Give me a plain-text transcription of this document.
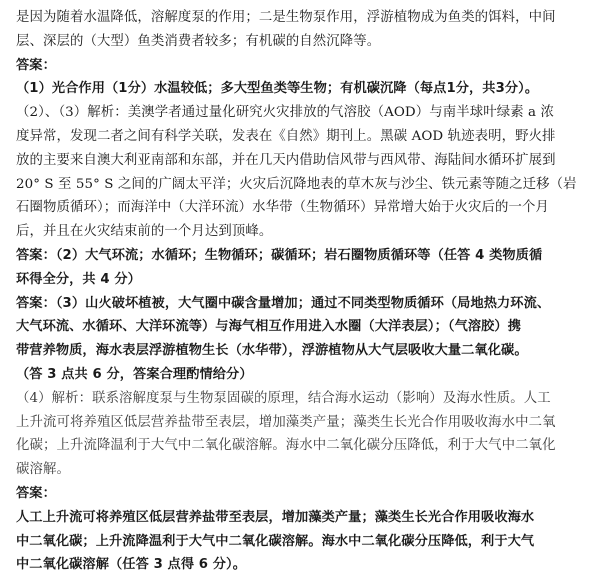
是因为随着水温降低，溶解度泵的作用；二是生物泵作用，浮游植物成为鱼类的饵料，中间
层、深层的（大型）鱼类消费者较多；有机碳的自然沉降等。
答案：
（1）光合作用（1分）水温较低；多大型鱼类等生物；有机碳沉降（每点1分，共3分）。
（2）、（3）解析：美澳学者通过量化研究火灾排放的气溶胶（AOD）与南半球叶绿素 a 浓
度异常，发现二者之间有科学关联，发表在《自然》期刊上。黑碳 AOD 轨迹表明，野火排
放的主要来自澳大利亚南部和东部，并在几天内借助信风带与西风带、海陆间水循环扩展到
20° S 至 55° S 之间的广阔太平洋；火灾后沉降地表的草木灰与沙尘、铁元素等随之迁移（岩
石圈物质循环）；而海洋中（大洋环流）水华带（生物循环）异常增大始于火灾后的一个月
后，并且在火灾结束前的一个月达到顶峰。
答案：（2）大气环流；水循环；生物循环；碳循环；岩石圈物质循环等（任答 4 类物质循
环得全分，共 4 分）
答案：（3）山火破坏植被，大气圈中碳含量增加；通过不同类型物质循环（局地热力环流、
大气环流、水循环、大洋环流等）与海气相互作用进入水圈（大洋表层）；（气溶胶）携
带营养物质，海水表层浮游植物生长（水华带），浮游植物从大气层吸收大量二氧化碳。
（答 3 点共 6 分，答案合理酌情给分）
（4）解析：联系溶解度泵与生物泵固碳的原理，结合海水运动（影响）及海水性质。人工
上升流可将养殖区低层营养盐带至表层，增加藻类产量；藻类生长光合作用吸收海水中二氧
化碳；上升流降温利于大气中二氧化碳溶解。海水中二氧化碳分压降低，利于大气中二氧化
碳溶解。
答案：
人工上升流可将养殖区低层营养盐带至表层，增加藻类产量；藻类生长光合作用吸收海水
中二氧化碳；上升流降温利于大气中二氧化碳溶解。海水中二氧化碳分压降低，利于大气
中二氧化碳溶解（任答 3 点得 6 分）。
